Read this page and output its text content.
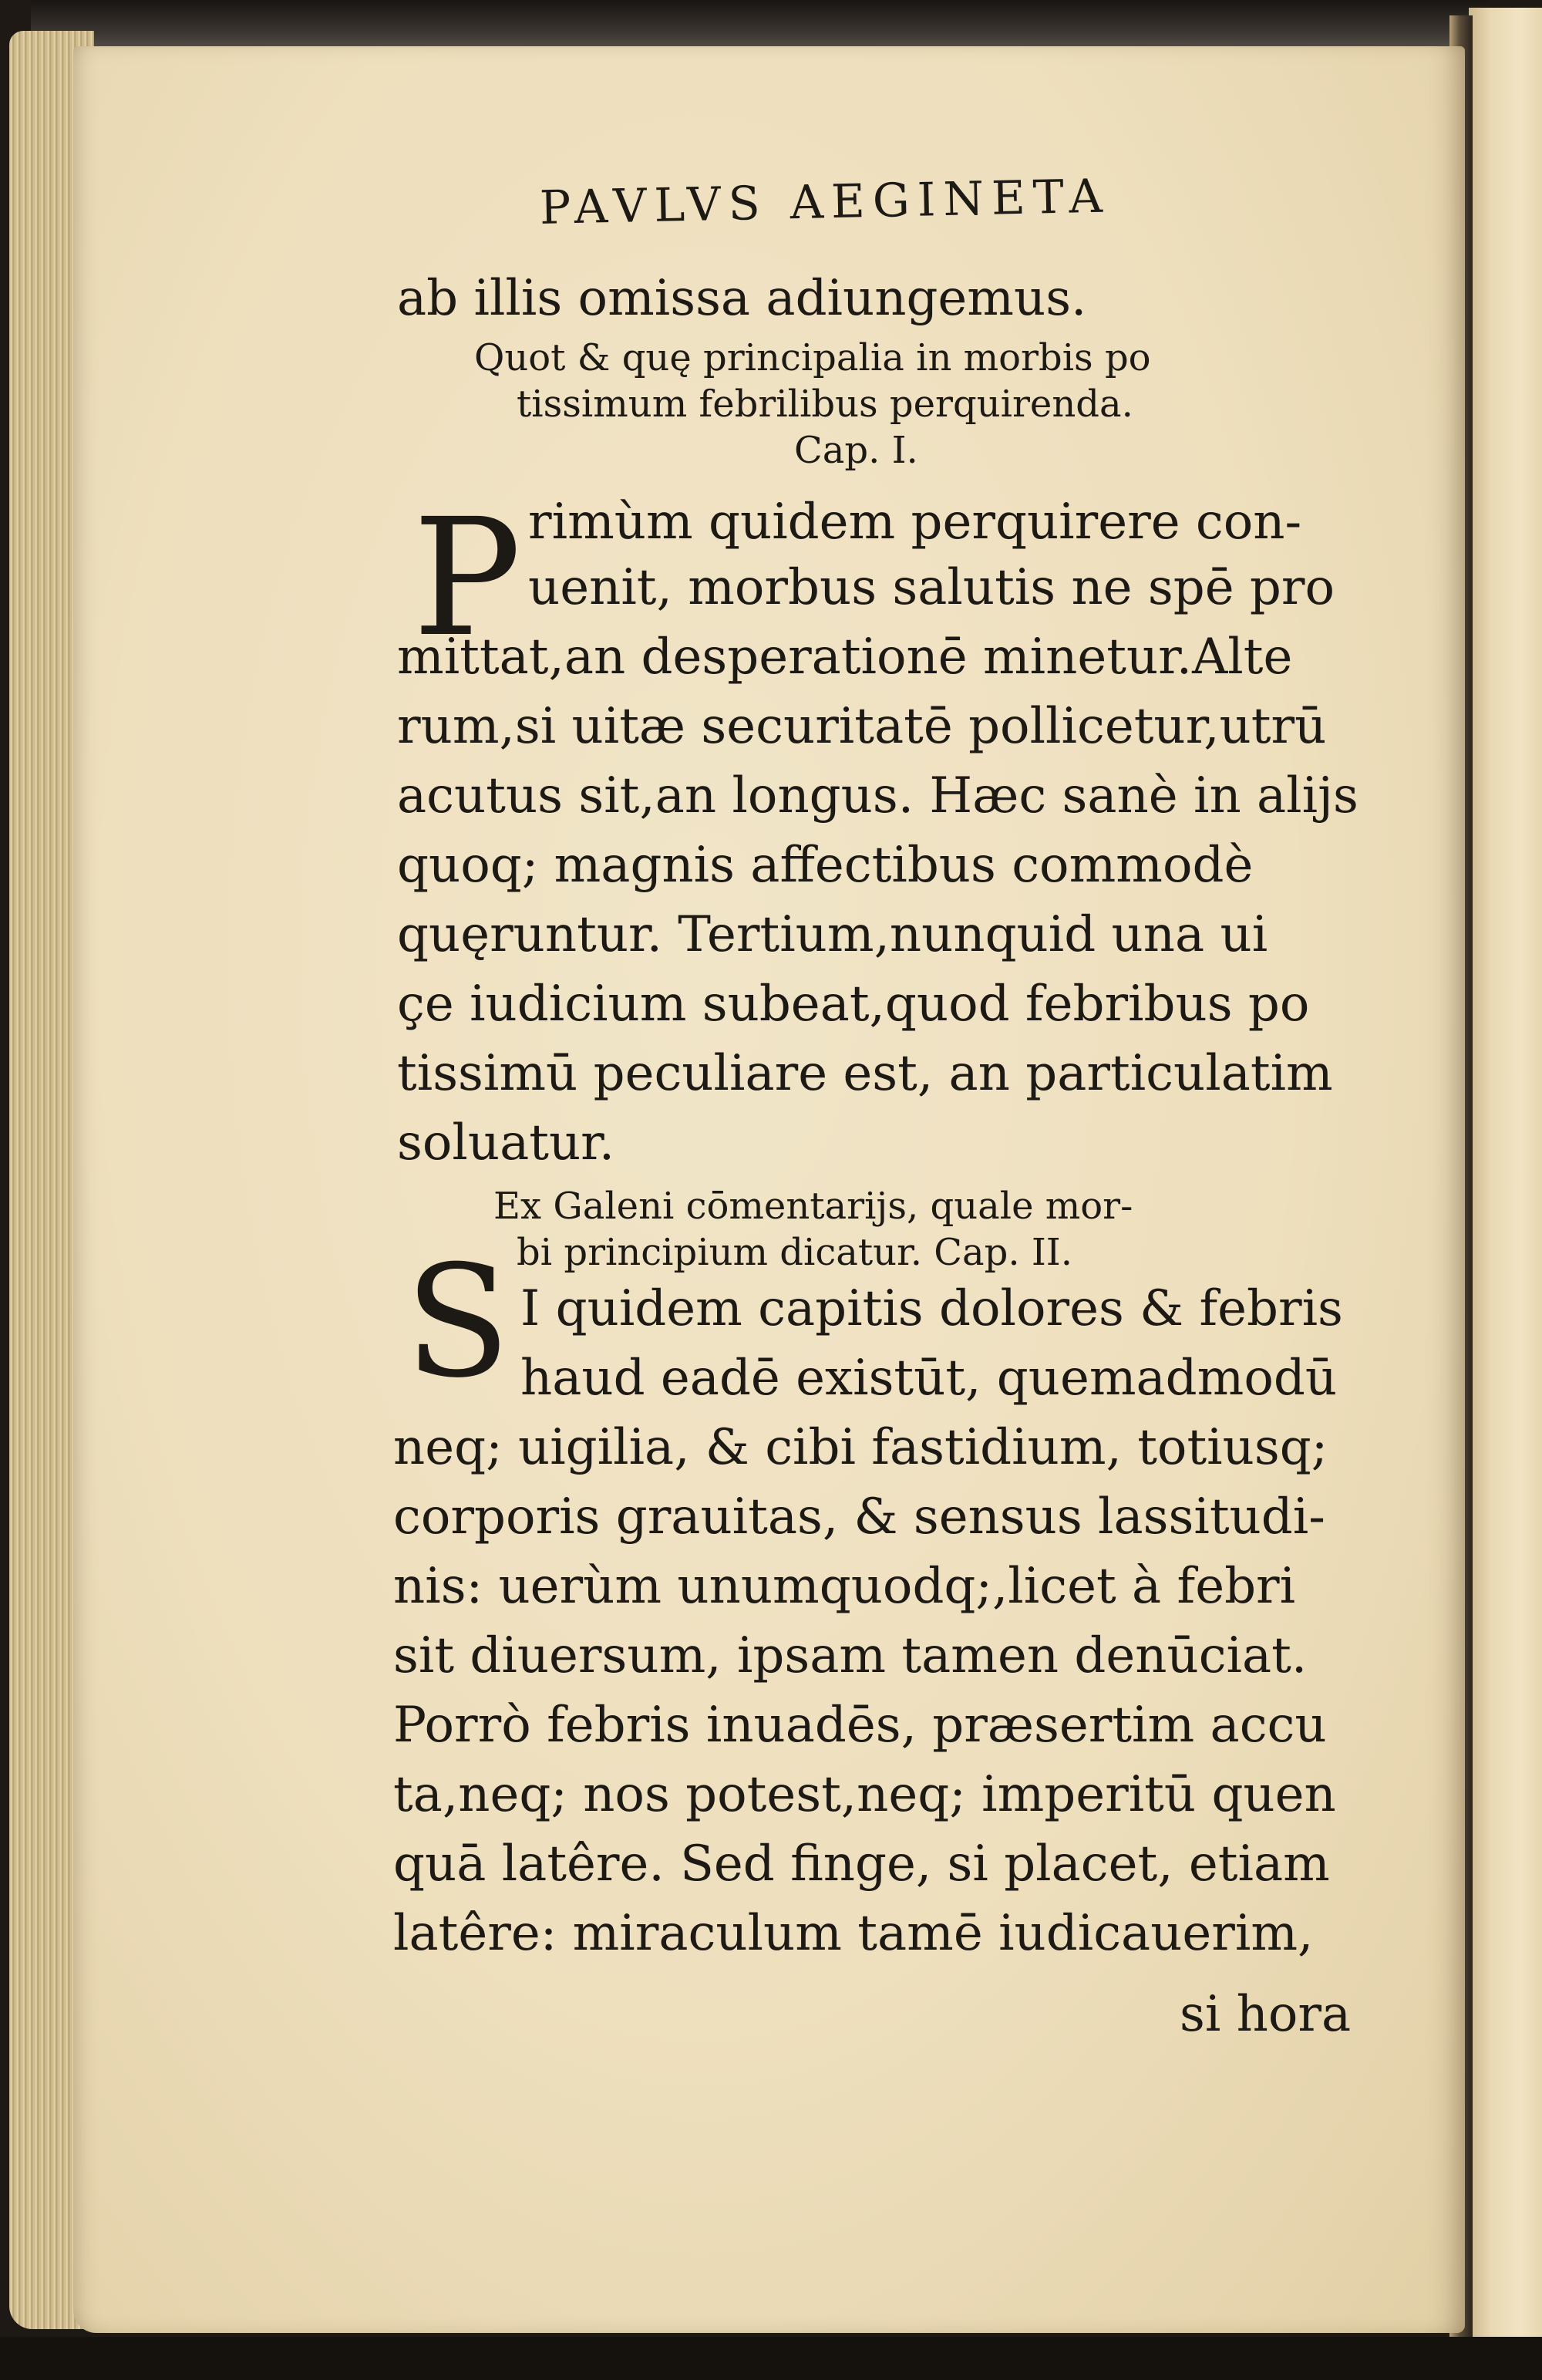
PAVLVS AEGINETA
ab illis omissa adiungemus.
Quot & quę principalia in morbis po
tissimum febrilibus perquirenda.
Cap. I.
P rimùm quidem perquirere con-
uenit, morbus salutis ne spē pro
mittat,an desperationē minetur.Alte
rum,si uitæ securitatē pollicetur,utrū
acutus sit,an longus. Hæc sanè in alijs
quoq; magnis affectibus commodè
quęruntur. Tertium,nunquid una ui
çe iudicium subeat,quod febribus po
tissimū peculiare est, an particulatim
soluatur.
Ex Galeni cōmentarijs, quale mor-
bi principium dicatur. Cap. II.
S I quidem capitis dolores & febris
haud eadē existūt, quemadmodū
neq; uigilia, & cibi fastidium, totiusq;
corporis grauitas, & sensus lassitudi-
nis: uerùm unumquodq;,licet à febri
sit diuersum, ipsam tamen denūciat.
Porrò febris inuadēs, præsertim accu
ta,neq; nos potest,neq; imperitū quen
quā latêre. Sed finge, si placet, etiam
latêre: miraculum tamē iudicauerim,
si hora
